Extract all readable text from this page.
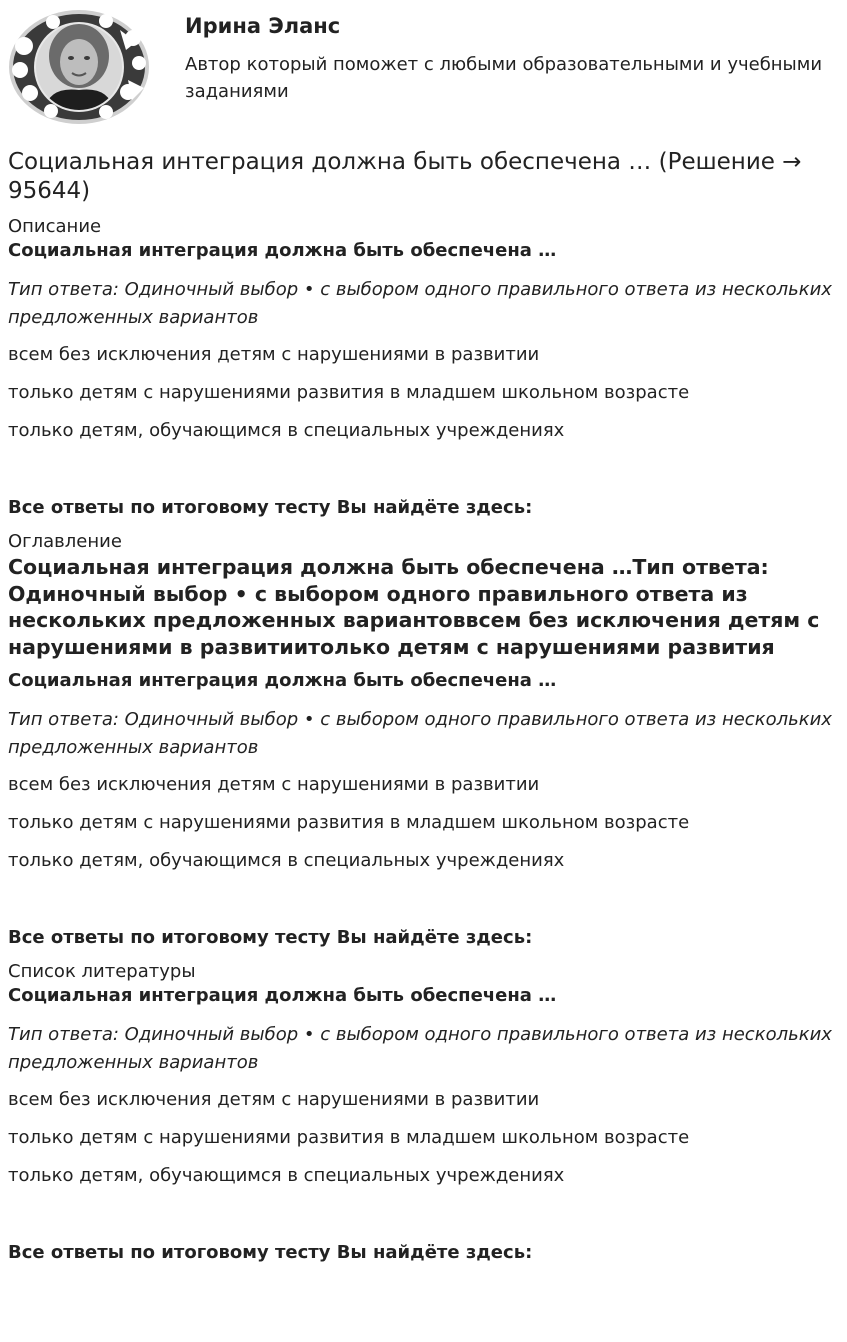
Ирина Эланс
Автор который поможет с любыми образовательными и учебными заданиями
Социальная интеграция должна быть обеспечена … (Решение → 95644)
Описание
Социальная интеграция должна быть обеспечена …
Тип ответа: Одиночный выбор • с выбором одного правильного ответа из нескольких предложенных вариантов
всем без исключения детям с нарушениями в развитии
только детям с нарушениями развития в младшем школьном возрасте
только детям, обучающимся в специальных учреждениях
Все ответы по итоговому тесту Вы найдёте здесь:
Оглавление
Социальная интеграция должна быть обеспечена …Тип ответа: Одиночный выбор • с выбором одного правильного ответа из нескольких предложенных вариантоввсем без исключения детям с нарушениями в развитиитолько детям с нарушениями развития
Социальная интеграция должна быть обеспечена …
Тип ответа: Одиночный выбор • с выбором одного правильного ответа из нескольких предложенных вариантов
всем без исключения детям с нарушениями в развитии
только детям с нарушениями развития в младшем школьном возрасте
только детям, обучающимся в специальных учреждениях
Все ответы по итоговому тесту Вы найдёте здесь:
Список литературы
Социальная интеграция должна быть обеспечена …
Тип ответа: Одиночный выбор • с выбором одного правильного ответа из нескольких предложенных вариантов
всем без исключения детям с нарушениями в развитии
только детям с нарушениями развития в младшем школьном возрасте
только детям, обучающимся в специальных учреждениях
Все ответы по итоговому тесту Вы найдёте здесь:
